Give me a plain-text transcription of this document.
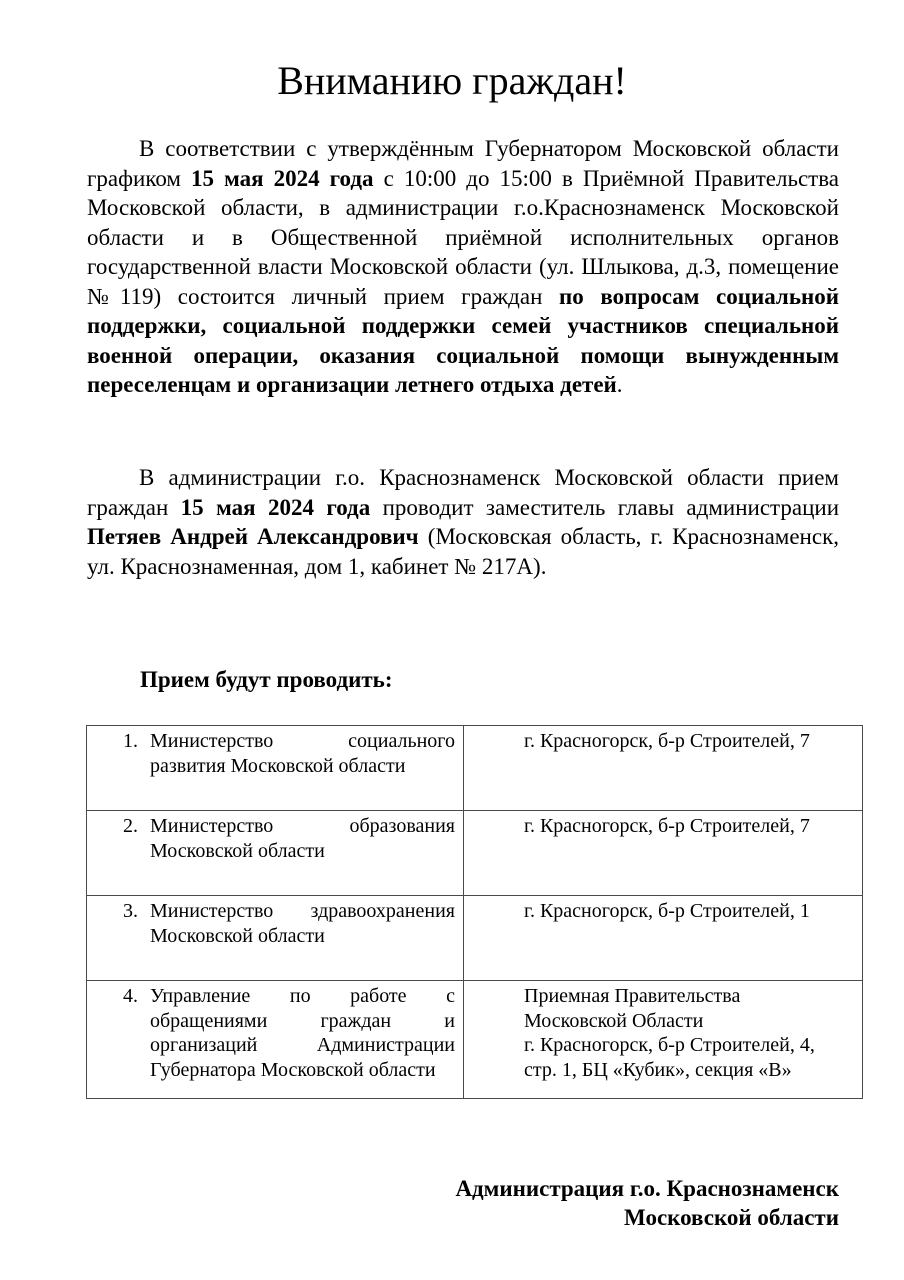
Вниманию граждан!

В соответствии с утверждённым Губернатором Московской области графиком 15 мая 2024 года с 10:00 до 15:00 в Приёмной Правительства Московской области, в администрации г.о.Краснознаменск Московской области и в Общественной приёмной исполнительных органов государственной власти Московской области (ул. Шлыкова, д.3, помещение №119) состоится личный прием граждан по вопросам социальной поддержки, социальной поддержки семей участников специальной военной операции, оказания социальной помощи вынужденным переселенцам и организации летнего отдыха детей.

В администрации г.о. Краснознаменск Московской области прием граждан 15 мая 2024 года проводит заместитель главы администрации Петяев Андрей Александрович (Московская область, г. Краснознаменск, ул. Краснознаменная, дом 1, кабинет № 217А).

Прием будут проводить:

1. Министерство социального развития Московской области	г. Красногорск, б-р Строителей, 7

2. Министерство образования Московской области	г. Красногорск, б-р Строителей, 7

3. Министерство здравоохранения Московской области	г. Красногорск, б-р Строителей, 1

4. Управление по работе с обращениями граждан и организаций Администрации Губернатора Московской области	Приемная Правительства
Московской Области
г. Красногорск, б-р Строителей, 4,
стр. 1, БЦ «Кубик», секция «В»

Администрация г.о. Краснознаменск
Московской области
